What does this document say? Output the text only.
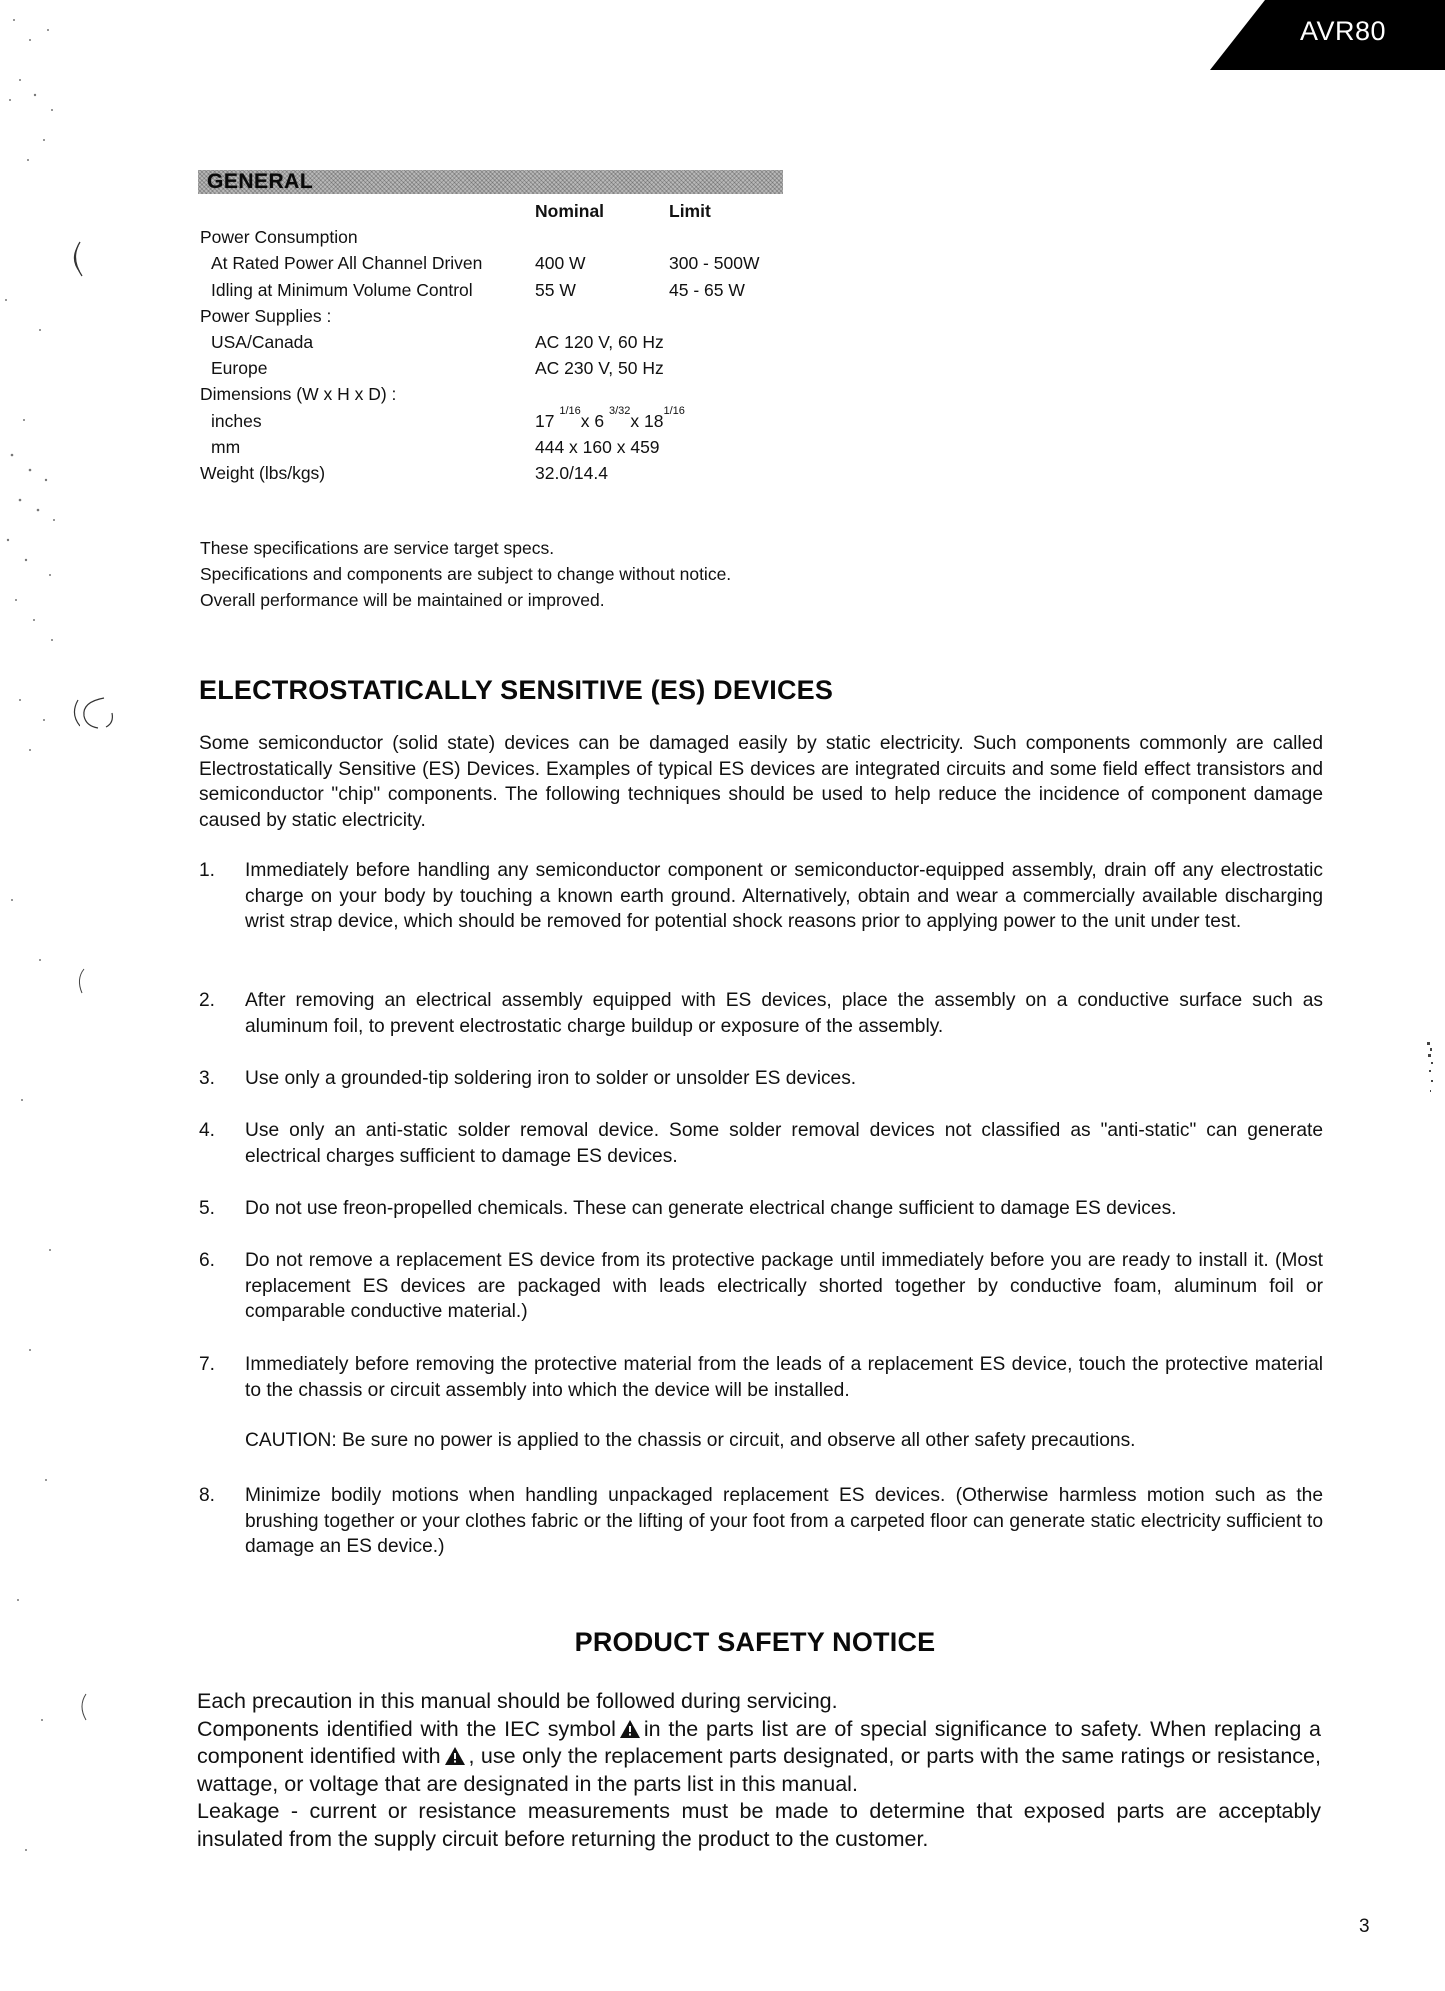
AVR80
GENERAL
Nominal	Limit
Power Consumption
At Rated Power All Channel Driven	400 W	300 - 500W
Idling at Minimum Volume Control	55 W	45 - 65 W
Power Supplies :
USA/Canada	AC 120 V, 60 Hz
Europe	AC 230 V, 50 Hz
Dimensions (W x H x D) :
inches	17 $^{1/16}$x 6 $^{3/32}$x $18^{1/16}$
mm	444 x 160 x 459
Weight (lbs/kgs)	32.0/14.4
These specifications are service target specs.
Specifications and components are subject to change without notice.
Overall performance will be maintained or improved.
ELECTROSTATICALLY SENSITIVE (ES) DEVICES

Some semiconductor (solid state) devices can be damaged easily by static electricity. Such components commonly are called Electrostatically Sensitive (ES) Devices. Examples of typical ES devices are integrated circuits and some field effect transistors and semiconductor "chip" components. The following techniques should be used to help reduce the incidence of component damage caused by static electricity.

1. Immediately before handling any semiconductor component or semiconductor-equipped assembly, drain off any electrostatic charge on your body by touching a known earth ground. Alternatively, obtain and wear a commercially available discharging wrist strap device, which should be removed for potential shock reasons prior to applying power to the unit under test.
2. After removing an electrical assembly equipped with ES devices, place the assembly on a conductive surface such as aluminum foil, to prevent electrostatic charge buildup or exposure of the assembly.
3. Use only a grounded-tip soldering iron to solder or unsolder ES devices.
4. Use only an anti-static solder removal device. Some solder removal devices not classified as "anti-static" can generate electrical charges sufficient to damage ES devices.
5. Do not use freon-propelled chemicals. These can generate electrical change sufficient to damage ES devices.
6. Do not remove a replacement ES device from its protective package until immediately before you are ready to install it. (Most replacement ES devices are packaged with leads electrically shorted together by conductive foam, aluminum foil or comparable conductive material.)
7. Immediately before removing the protective material from the leads of a replacement ES device, touch the protective material to the chassis or circuit assembly into which the device will be installed.
8. Minimize bodily motions when handling unpackaged replacement ES devices. (Otherwise harmless motion such as the brushing together or your clothes fabric or the lifting of your foot from a carpeted floor can generate static electricity sufficient to damage an ES device.)
CAUTION: Be sure no power is applied to the chassis or circuit, and observe all other safety precautions.
PRODUCT SAFETY NOTICE

Each precaution in this manual should be followed during servicing.

Components identified with the IEC symbol in the parts list are of special significance to safety. When replacing a component identified with , use only the replacement parts designated, or parts with the same ratings or resistance, wattage, or voltage that are designated in the parts list in this manual.

Leakage - current or resistance measurements must be made to determine that exposed parts are acceptably insulated from the supply circuit before returning the product to the customer.

3
